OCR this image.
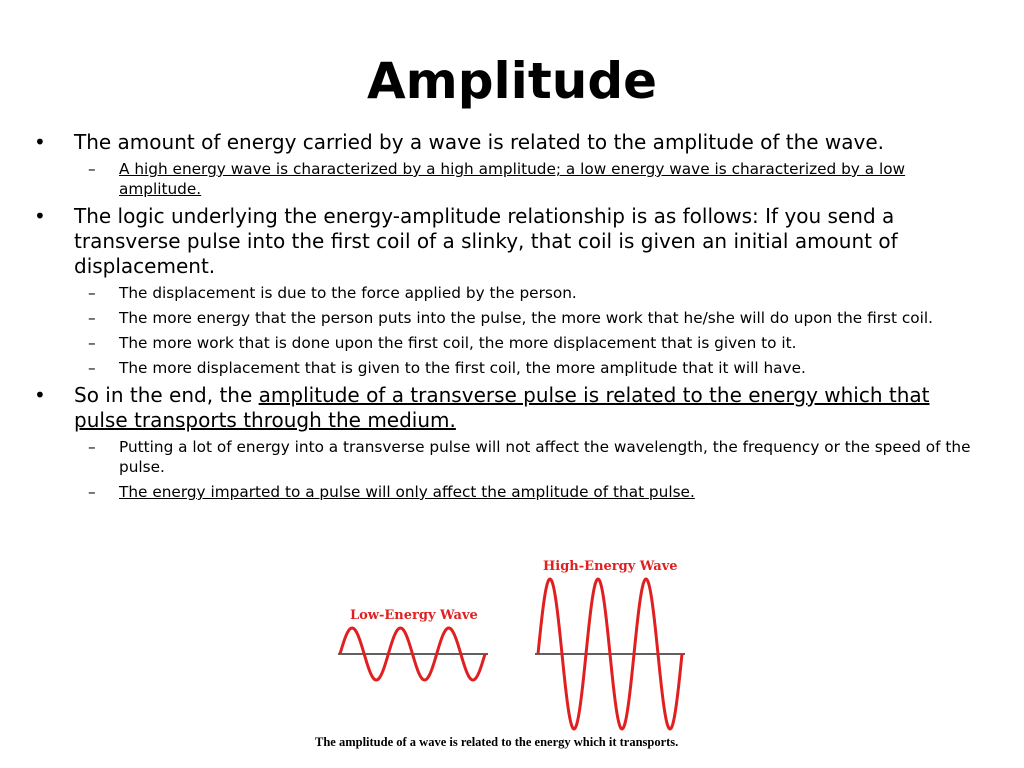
Amplitude
• The amount of energy carried by a wave is related to the amplitude of the wave.
– A high energy wave is characterized by a high amplitude; a low energy wave is characterized by a low amplitude.
• The logic underlying the energy-amplitude relationship is as follows: If you send a transverse pulse into the first coil of a slinky, that coil is given an initial amount of displacement.
– The displacement is due to the force applied by the person.
– The more energy that the person puts into the pulse, the more work that he/she will do upon the first coil.
– The more work that is done upon the first coil, the more displacement that is given to it.
– The more displacement that is given to the first coil, the more amplitude that it will have.
• So in the end, the amplitude of a transverse pulse is related to the energy which that pulse transports through the medium.
– Putting a lot of energy into a transverse pulse will not affect the wavelength, the frequency or the speed of the pulse.
– The energy imparted to a pulse will only affect the amplitude of that pulse.
Low-Energy Wave
High-Energy Wave
The amplitude of a wave is related to the energy which it transports.
